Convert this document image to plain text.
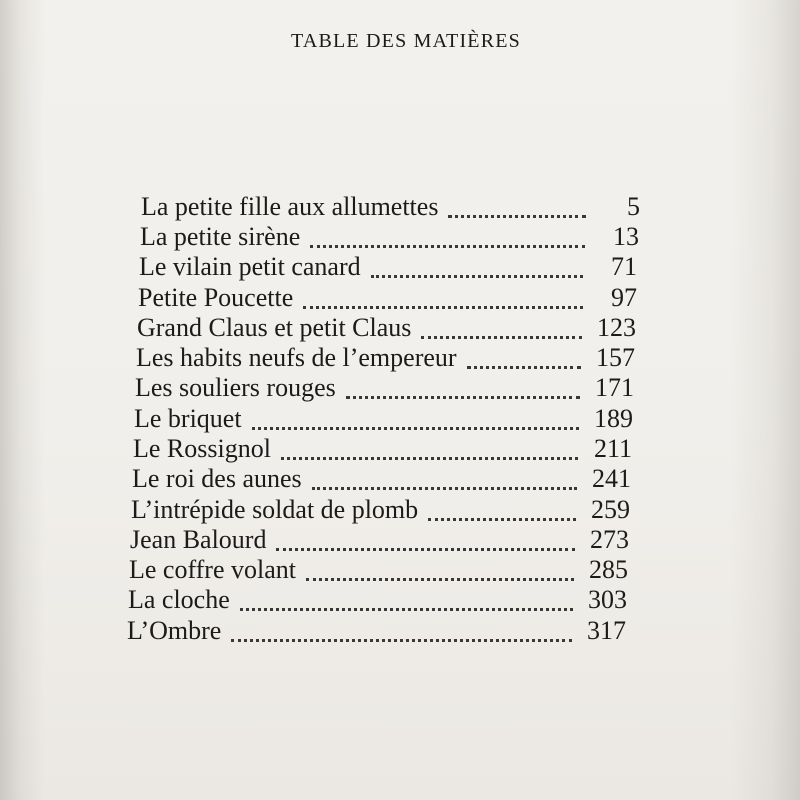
TABLE DES MATIÈRES
La petite fille aux allumettes	5
La petite sirène	13
Le vilain petit canard	71
Petite Poucette	97
Grand Claus et petit Claus	123
Les habits neufs de l’empereur	157
Les souliers rouges	171
Le briquet	189
Le Rossignol	211
Le roi des aunes	241
L’intrépide soldat de plomb	259
Jean Balourd	273
Le coffre volant	285
La cloche	303
L’Ombre	317
